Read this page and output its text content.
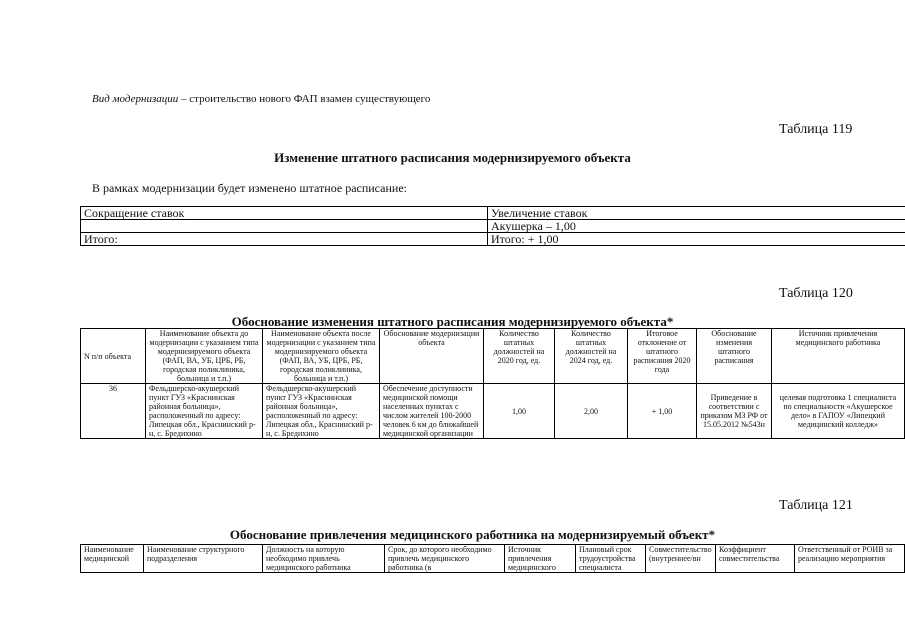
Вид модернизации – строительство нового ФАП взамен существующего
Таблица 119
Изменение штатного расписания модернизируемого объекта
В рамках модернизации будет изменено штатное расписание:
Сокращение ставок	Увеличение ставок
	Акушерка – 1,00
Итого:	Итого: + 1,00
Таблица 120
Обоснование изменения штатного расписания модернизируемого объекта*
N п/п объекта	Наименование объекта до модернизации с указанием типа модернизируемого объекта (ФАП, ВА, УБ, ЦРБ, РБ, городская поликлиника, больница и т.п.)	Наименование объекта после модернизации с указанием типа модернизируемого объекта (ФАП, ВА, УБ, ЦРБ, РБ, городская поликлиника, больница и т.п.)	Обоснование модернизации объекта	Количество штатных должностей на 2020 год, ед.	Количество штатных должностей на 2024 год, ед.	Итоговое отклонение от штатного расписания 2020 года	Обоснование изменения штатного расписания	Источник привлечения медицинского работника
36	Фельдшерско-акушерский пункт ГУЗ «Краснинская районная больница», расположенный по адресу: Липецкая обл., Краснинский р-н, с. Бредихино	Фельдшерско-акушерский пункт ГУЗ «Краснинская районная больница», расположенный по адресу: Липецкая обл., Краснинский р-н, с. Бредихино	Обеспечение доступности медицинской помощи населенных пунктах с числом жителей 100-2000 человек 6 км до ближайшей медицинской организации	1,00	2,00	+ 1,00	Приведение в соответствии с приказом МЗ РФ от 15.05.2012 №543н	целевая подготовка 1 специалиста по специальности «Акушерское дело» в ГАПОУ «Липецкий медицинский колледж»
Таблица 121
Обоснование привлечения медицинского работника на модернизируемый объект*
Наименование медицинской	Наименование структурного подразделения	Должность на которую необходимо привлечь медицинского работника	Срок, до которого необходимо привлечь медицинского работника (в	Источник привлечения медицинского	Плановый срок трудоустройства специалиста	Совместительство (внутреннее/вн	Коэффициент совместительства	Ответственный от РОИВ за реализацию мероприятия
